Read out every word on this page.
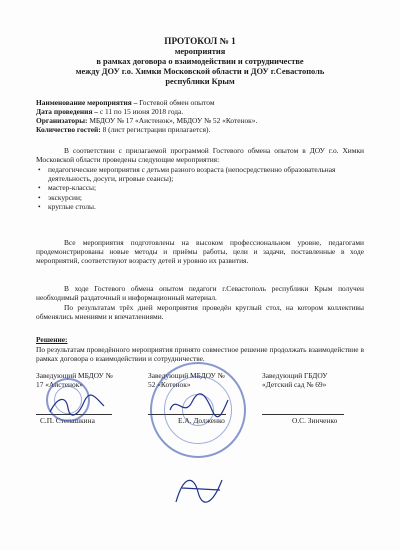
ПРОТОКОЛ № 1
мероприятия
в рамках договора о взаимодействии и сотрудничестве
между ДОУ г.о. Химки Московской области и ДОУ г.Севастополь
республики Крым
Наименование мероприятия – Гостевой обмен опытом
Дата проведения – с 11 по 15 июня 2018 года.
Организаторы: МБДОУ № 17 «Аистенок», МБДОУ № 52 «Котенок».
Количество гостей: 8 (лист регистрации прилагается).
В соответствии с прилагаемой программой Гостевого обмена опытом в ДОУ г.о. Химки Московской области проведены следующие мероприятия:
• педагогические мероприятия с детьми разного возраста (непосредственно образовательная деятельность, досуги, игровые сеансы);
• мастер-классы;
• экскурсии;
• круглые столы.
Все мероприятия подготовлены на высоком профессиональном уровне, педагогами продемонстрированы новые методы и приёмы работы, цели и задачи, поставленные в ходе мероприятий, соответствуют возрасту детей и уровню их развития.
В ходе Гостевого обмена опытом педагоги г.Севастополь республики Крым получен необходимый раздаточный и информационный материал.
По результатам трёх дней мероприятия проведён круглый стол, на котором коллективы обменялись мнениями и впечатлениями.
Решение:
По результатам проведённого мероприятия принято совместное решение продолжать взаимодействие в рамках договора о взаимодействии и сотрудничестве.
Заведующий МБДОУ №
17 «Аистенок»
С.П. Степашкина
Заведующий МБДОУ №
52 «Котенок»
Е.А. Долженко
Заведующий ГБДОУ
«Детский сад № 69»
О.С. Зинченко
